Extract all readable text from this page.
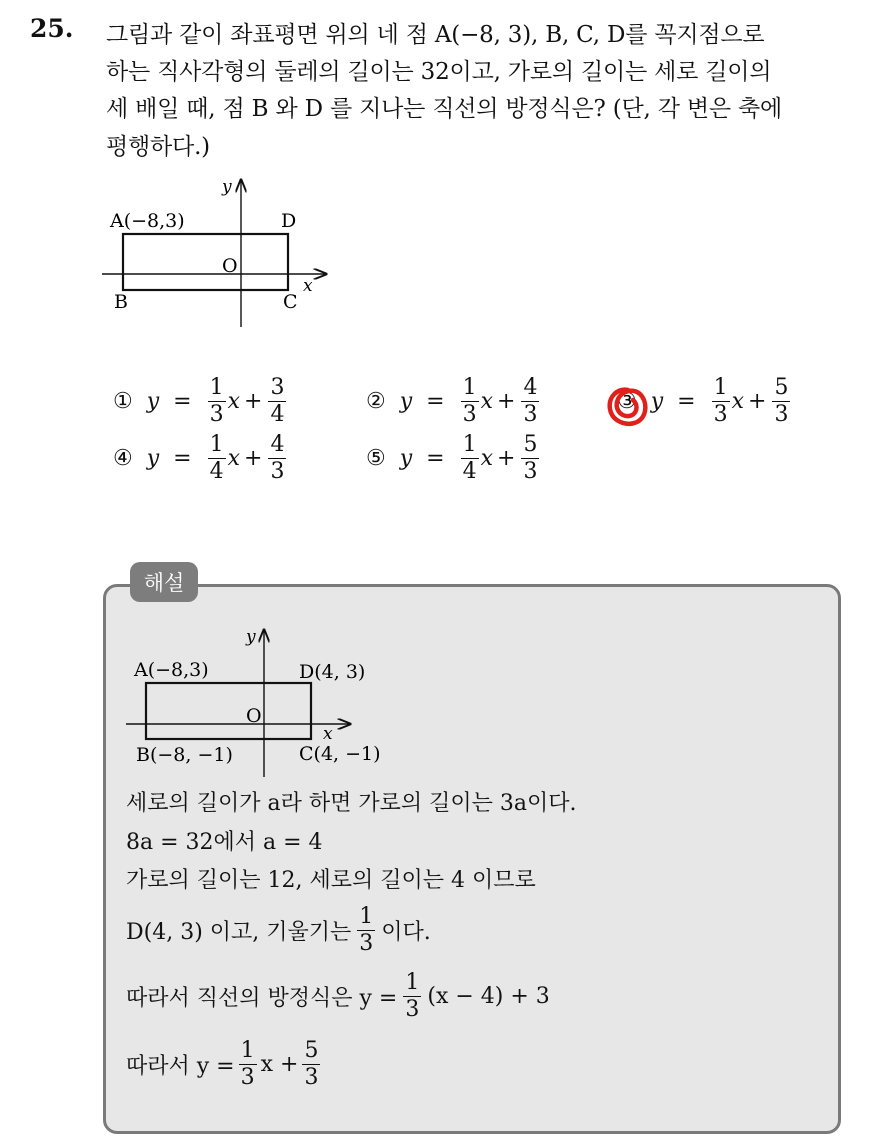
25. 그림과 같이 좌표평면 위의 네 점 A(−8, 3), B, C, D를 꼭지점으로
하는 직사각형의 둘레의 길이는 32이고, 가로의 길이는 세로 길이의
세 배일 때, 점 B 와 D 를 지나는 직선의 방정식은? (단, 각 변은 축에
평행하다.)
A(−8,3)	D
O
B	C
x
y
① $y = \frac{1}{3}$ $x + \frac{3}{4}$	② $y = \frac{1}{3}$ $x + \frac{4}{3}$	③ $y = \frac{1}{3}$ $x + \frac{5}{3}$
④ $y = \frac{1}{4}$ $x + \frac{4}{3}$	⑤ $y = \frac{1}{4}$ $x + \frac{5}{3}$
해설
A(−8,3)	D(4, 3)
O
B(−8, −1)	C(4, −1)
x
y
세로의 길이가 a라 하면 가로의 길이는 3a이다.
8a = 32에서 a = 4
가로의 길이는 12, 세로의 길이는 4 이므로
D(4, 3) 이고, 기울기는 $\frac{1}{3}$ 이다.
따라서 직선의 방정식은 $y = \frac{1}{3} (x - 4) + 3$
따라서 $y = \frac{1}{3}$ $x + \frac{5}{3}$
